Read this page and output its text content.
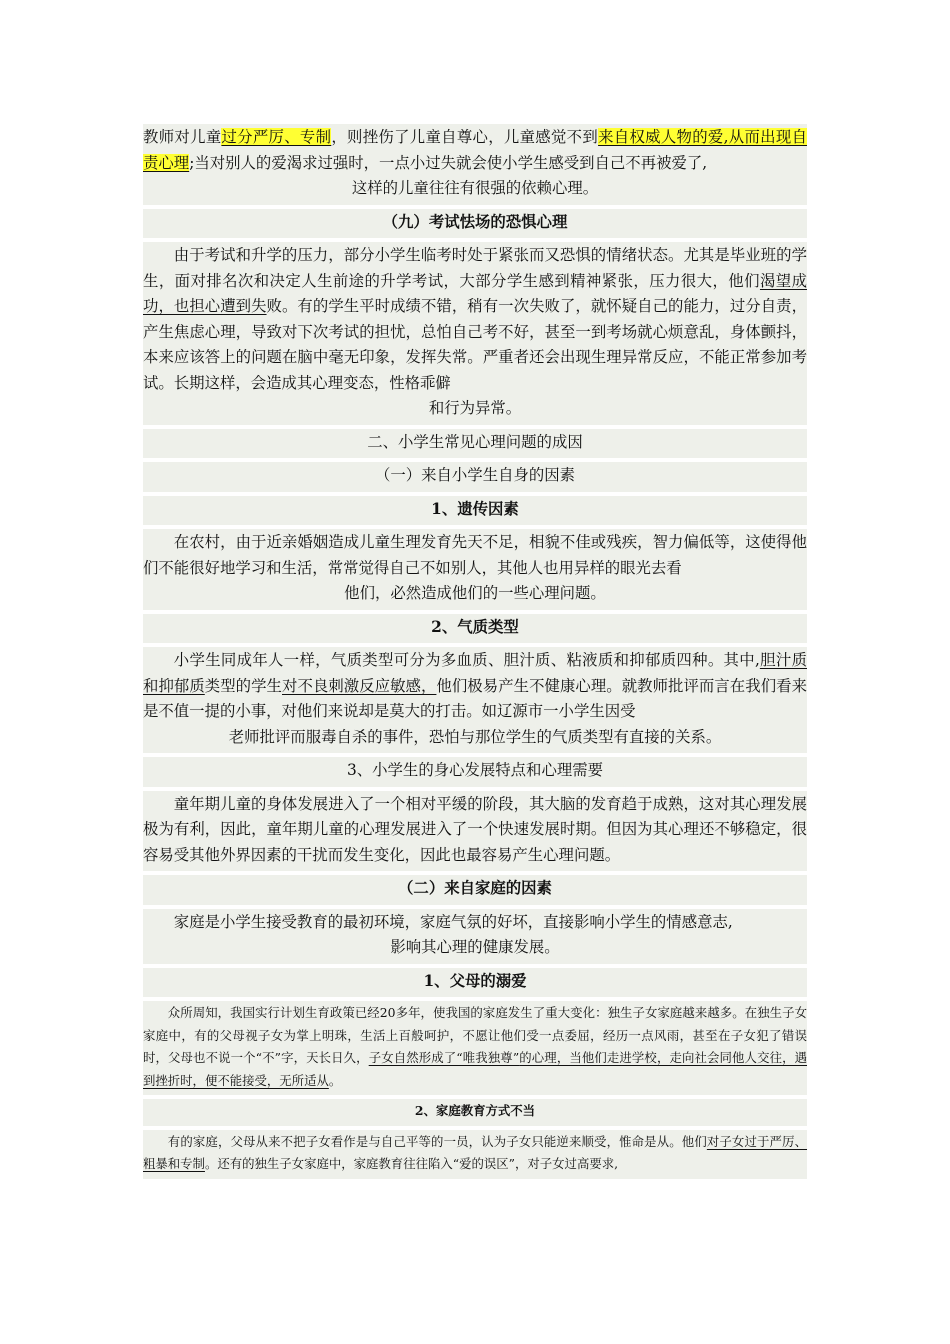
教师对儿童过分严厉、专制，则挫伤了儿童自尊心，儿童感觉不到来自权威人物的爱,从而出现自责心理;当对别人的爱渴求过强时，一点小过失就会使小学生感受到自己不再被爱了,

这样的儿童往往有很强的依赖心理。

（九）考试怯场的恐惧心理

由于考试和升学的压力，部分小学生临考时处于紧张而又恐惧的情绪状态。尤其是毕业班的学生，面对排名次和决定人生前途的升学考试，大部分学生感到精神紧张，压力很大，他们渴望成功，也担心遭到失败。有的学生平时成绩不错，稍有一次失败了，就怀疑自己的能力，过分自责，产生焦虑心理，导致对下次考试的担忧，总怕自己考不好，甚至一到考场就心烦意乱，身体颤抖，本来应该答上的问题在脑中毫无印象，发挥失常。严重者还会出现生理异常反应，不能正常参加考试。长期这样，会造成其心理变态，性格乖僻

和行为异常。

二、小学生常见心理问题的成因
（一）来自小学生自身的因素
1、遗传因素

在农村，由于近亲婚姻造成儿童生理发育先天不足，相貌不佳或残疾，智力偏低等，这使得他们不能很好地学习和生活，常常觉得自己不如别人，其他人也用异样的眼光去看

他们，必然造成他们的一些心理问题。

2、气质类型

小学生同成年人一样，气质类型可分为多血质、胆汁质、粘液质和抑郁质四种。其中,胆汁质和抑郁质类型的学生对不良刺激反应敏感，他们极易产生不健康心理。就教师批评而言在我们看来是不值一提的小事，对他们来说却是莫大的打击。如辽源市一小学生因受

老师批评而服毒自杀的事件，恐怕与那位学生的气质类型有直接的关系。

3、小学生的身心发展特点和心理需要

童年期儿童的身体发展进入了一个相对平缓的阶段，其大脑的发育趋于成熟，这对其心理发展极为有利，因此，童年期儿童的心理发展进入了一个快速发展时期。但因为其心理还不够稳定，很容易受其他外界因素的干扰而发生变化，因此也最容易产生心理问题。

（二）来自家庭的因素

家庭是小学生接受教育的最初环境，家庭气氛的好坏，直接影响小学生的情感意志,

影响其心理的健康发展。

1、父母的溺爱

众所周知，我国实行计划生育政策已经20多年，使我国的家庭发生了重大变化：独生子女家庭越来越多。在独生子女家庭中，有的父母视子女为掌上明珠，生活上百般呵护，不愿让他们受一点委屈，经历一点风雨，甚至在子女犯了错误时，父母也不说一个“不”字，天长日久，子女自然形成了“唯我独尊”的心理，当他们走进学校，走向社会同他人交往，遇到挫折时，便不能接受，无所适从。

2、家庭教育方式不当

有的家庭，父母从来不把子女看作是与自己平等的一员，认为子女只能逆来顺受，惟命是从。他们对子女过于严厉、粗暴和专制。还有的独生子女家庭中，家庭教育往往陷入“爱的误区”，对子女过高要求,
